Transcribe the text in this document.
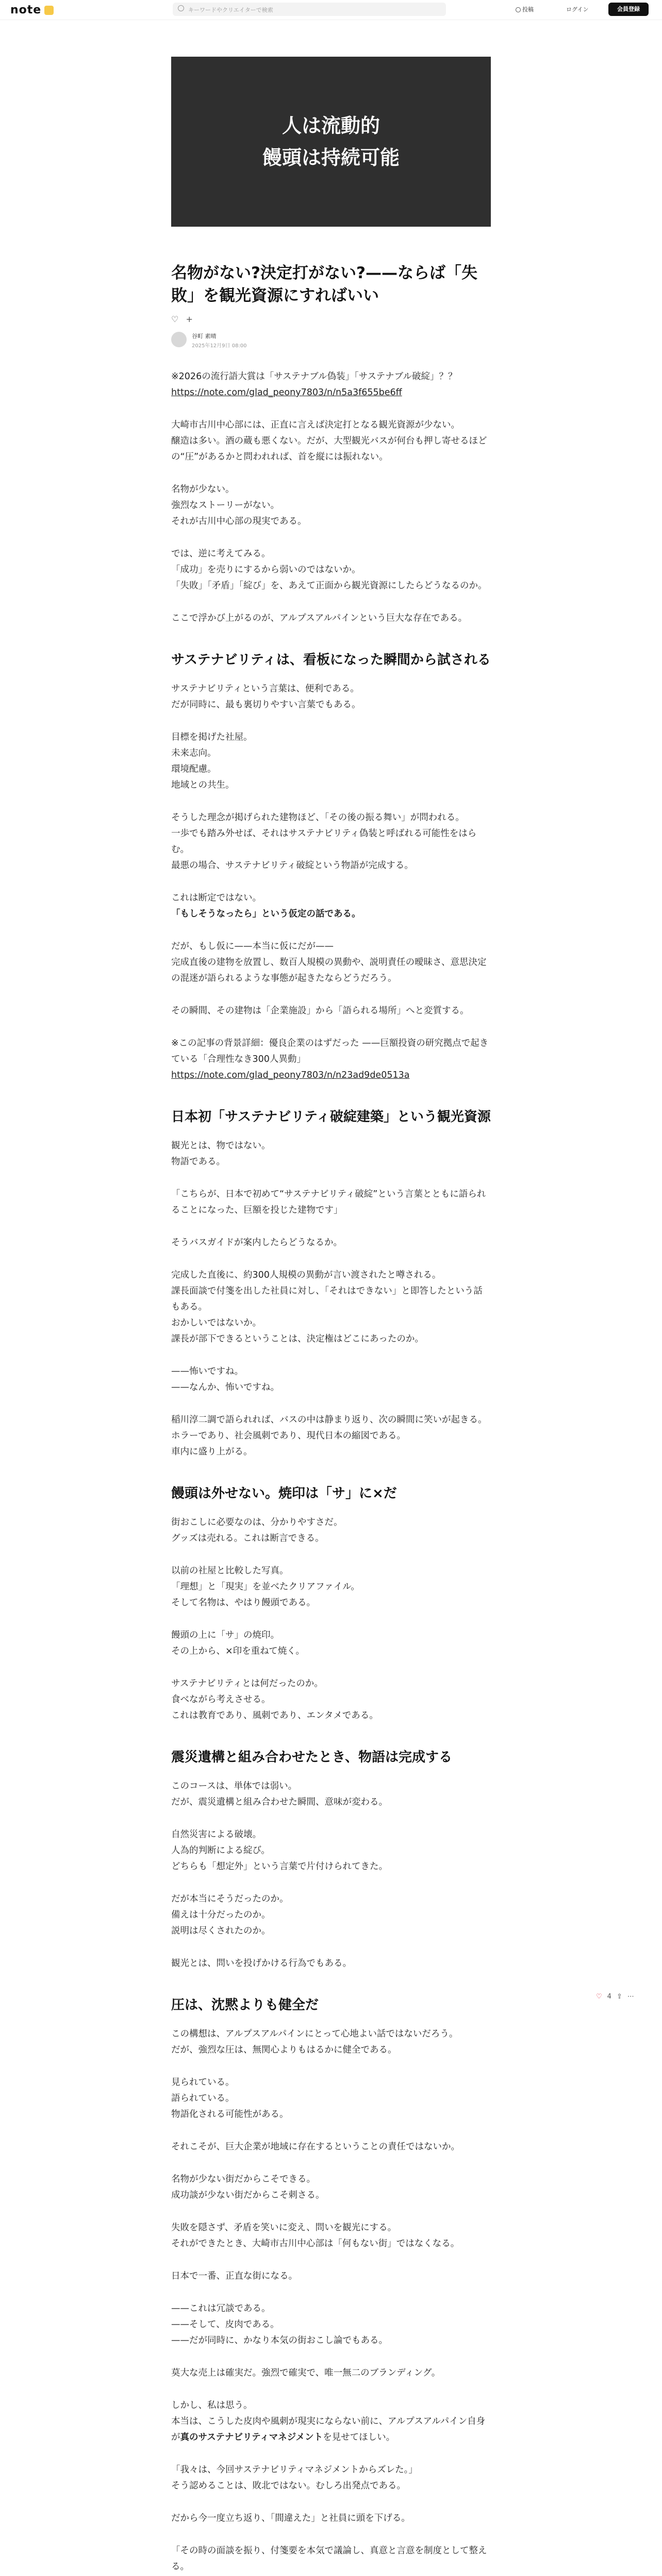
note	キーワードやクリエイターで検索	投稿	ログイン	会員登録
人は流動的
饅頭は持続可能
名物がない?決定打がない?——ならば「失敗」を観光資源にすればいい
♡ +
谷町 素晴
2025年12月9日 08:00

※2026の流行語大賞は「サステナブル偽装」「サステナブル破綻」？？
https://note.com/glad_peony7803/n/n5a3f655be6ff

大崎市古川中心部には、正直に言えば決定打となる観光資源が少ない。
醸造は多い。酒の蔵も悪くない。だが、大型観光バスが何台も押し寄せるほどの“圧”があるかと問われれば、首を縦には振れない。

名物が少ない。
強烈なストーリーがない。
それが古川中心部の現実である。

では、逆に考えてみる。
「成功」を売りにするから弱いのではないか。
「失敗」「矛盾」「綻び」を、あえて正面から観光資源にしたらどうなるのか。

ここで浮かび上がるのが、アルプスアルパインという巨大な存在である。

サステナビリティは、看板になった瞬間から試される

サステナビリティという言葉は、便利である。
だが同時に、最も裏切りやすい言葉でもある。

目標を掲げた社屋。
未来志向。
環境配慮。
地域との共生。

そうした理念が掲げられた建物ほど、「その後の振る舞い」が問われる。
一歩でも踏み外せば、それはサステナビリティ偽装と呼ばれる可能性をはらむ。
最悪の場合、サステナビリティ破綻という物語が完成する。

これは断定ではない。
「もしそうなったら」という仮定の話である。

だが、もし仮に——本当に仮にだが——
完成直後の建物を放置し、数百人規模の異動や、説明責任の曖昧さ、意思決定の混迷が語られるような事態が起きたならどうだろう。

その瞬間、その建物は「企業施設」から「語られる場所」へと変質する。

※この記事の背景詳細：優良企業のはずだった ——巨額投資の研究拠点で起きている「合理性なき300人異動」
https://note.com/glad_peony7803/n/n23ad9de0513a

日本初「サステナビリティ破綻建築」という観光資源

観光とは、物ではない。
物語である。

「こちらが、日本で初めて“サステナビリティ破綻”という言葉とともに語られることになった、巨額を投じた建物です」

そうバスガイドが案内したらどうなるか。

完成した直後に、約300人規模の異動が言い渡されたと噂される。
課長面談で付箋を出した社員に対し、「それはできない」と即答したという話もある。
おかしいではないか。
課長が部下できるということは、決定権はどこにあったのか。

——怖いですね。
——なんか、怖いですね。

稲川淳二調で語られれば、バスの中は静まり返り、次の瞬間に笑いが起きる。
ホラーであり、社会風刺であり、現代日本の縮図である。
車内に盛り上がる。

饅頭は外せない。焼印は「サ」に×だ

街おこしに必要なのは、分かりやすさだ。
グッズは売れる。これは断言できる。

以前の社屋と比較した写真。
「理想」と「現実」を並べたクリアファイル。
そして名物は、やはり饅頭である。

饅頭の上に「サ」の焼印。
その上から、×印を重ねて焼く。

サステナビリティとは何だったのか。
食べながら考えさせる。
これは教育であり、風刺であり、エンタメである。

震災遺構と組み合わせたとき、物語は完成する

このコースは、単体では弱い。
だが、震災遺構と組み合わせた瞬間、意味が変わる。

自然災害による破壊。
人為的判断による綻び。
どちらも「想定外」という言葉で片付けられてきた。

だが本当にそうだったのか。
備えは十分だったのか。
説明は尽くされたのか。

観光とは、問いを投げかける行為でもある。

圧は、沈黙よりも健全だ

この構想は、アルプスアルパインにとって心地よい話ではないだろう。
だが、強烈な圧は、無関心よりもはるかに健全である。

見られている。
語られている。
物語化される可能性がある。

それこそが、巨大企業が地域に存在するということの責任ではないか。

名物が少ない街だからこそできる。
成功談が少ない街だからこそ刺さる。

失敗を隠さず、矛盾を笑いに変え、問いを観光にする。
それができたとき、大崎市古川中心部は「何もない街」ではなくなる。

日本で一番、正直な街になる。

——これは冗談である。
——そして、皮肉である。
——だが同時に、かなり本気の街おこし論でもある。

莫大な売上は確実だ。強烈で確実で、唯一無二のブランディング。

しかし、私は思う。
本当は、こうした皮肉や風刺が現実にならない前に、アルプスアルパイン自身が真のサステナビリティマネジメントを見せてほしい。

「我々は、今回サステナビリティマネジメントからズレた。」
そう認めることは、敗北ではない。むしろ出発点である。

だから今一度立ち返り、「間違えた」と社員に頭を下げる。

「その時の面談を振り、付箋要を本気で議論し、真意と言意を制度として整える。

♡ 4 ⇪ ⋯
